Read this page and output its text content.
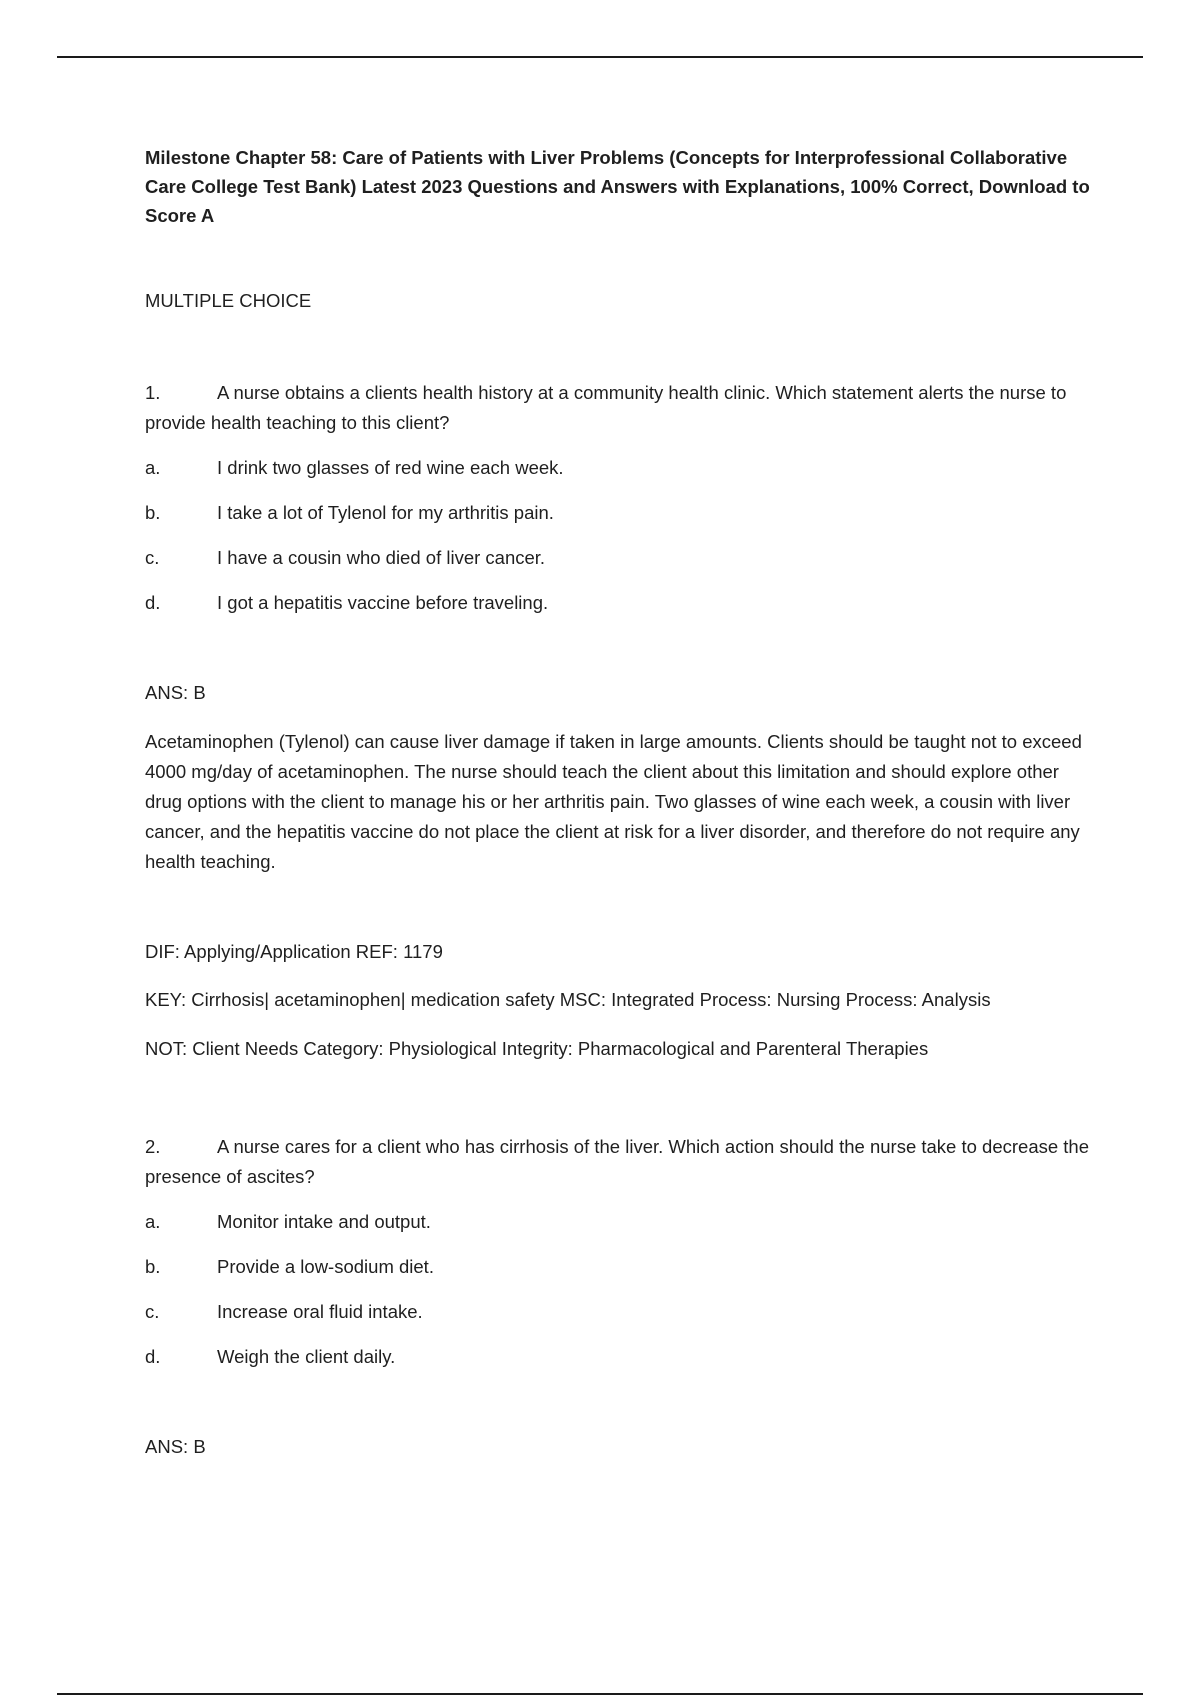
Milestone Chapter 58: Care of Patients with Liver Problems (Concepts for Interprofessional Collaborative Care College Test Bank) Latest 2023 Questions and Answers with Explanations, 100% Correct, Download to Score A

MULTIPLE CHOICE

1.	A nurse obtains a clients health history at a community health clinic. Which statement alerts the nurse to provide health teaching to this client?

a.	I drink two glasses of red wine each week.
b.	I take a lot of Tylenol for my arthritis pain.
c.	I have a cousin who died of liver cancer.
d.	I got a hepatitis vaccine before traveling.

ANS: B

Acetaminophen (Tylenol) can cause liver damage if taken in large amounts. Clients should be taught not to exceed 4000 mg/day of acetaminophen. The nurse should teach the client about this limitation and should explore other drug options with the client to manage his or her arthritis pain. Two glasses of wine each week, a cousin with liver cancer, and the hepatitis vaccine do not place the client at risk for a liver disorder, and therefore do not require any health teaching.

DIF: Applying/Application REF: 1179

KEY: Cirrhosis| acetaminophen| medication safety MSC: Integrated Process: Nursing Process: Analysis

NOT: Client Needs Category: Physiological Integrity: Pharmacological and Parenteral Therapies

2.	A nurse cares for a client who has cirrhosis of the liver. Which action should the nurse take to decrease the presence of ascites?

a.	Monitor intake and output.
b.	Provide a low-sodium diet.
c.	Increase oral fluid intake.
d.	Weigh the client daily.

ANS: B
